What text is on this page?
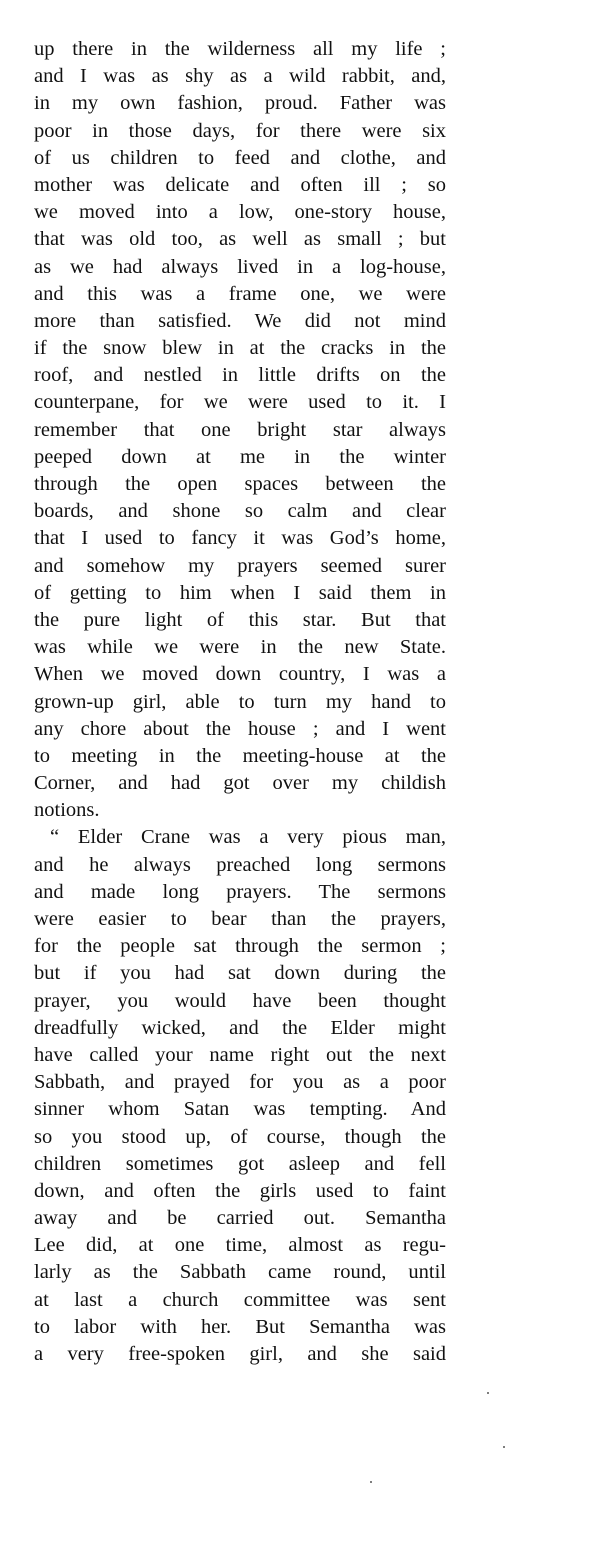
up there in the wilderness all my life ;
and I was as shy as a wild rabbit, and,
in my own fashion, proud. Father was
poor in those days, for there were six
of us children to feed and clothe, and
mother was delicate and often ill ; so
we moved into a low, one-story house,
that was old too, as well as small ; but
as we had always lived in a log-house,
and this was a frame one, we were
more than satisfied. We did not mind
if the snow blew in at the cracks in the
roof, and nestled in little drifts on the
counterpane, for we were used to it. I
remember that one bright star always
peeped down at me in the winter
through the open spaces between the
boards, and shone so calm and clear
that I used to fancy it was God’s home,
and somehow my prayers seemed surer
of getting to him when I said them in
the pure light of this star. But that
was while we were in the new State.
When we moved down country, I was a
grown-up girl, able to turn my hand to
any chore about the house ; and I went
to meeting in the meeting-house at the
Corner, and had got over my childish
notions.
“ Elder Crane was a very pious man,
and he always preached long sermons
and made long prayers. The sermons
were easier to bear than the prayers,
for the people sat through the sermon ;
but if you had sat down during the
prayer, you would have been thought
dreadfully wicked, and the Elder might
have called your name right out the next
Sabbath, and prayed for you as a poor
sinner whom Satan was tempting. And
so you stood up, of course, though the
children sometimes got asleep and fell
down, and often the girls used to faint
away and be carried out. Semantha
Lee did, at one time, almost as regu-
larly as the Sabbath came round, until
at last a church committee was sent
to labor with her. But Semantha was
a very free-spoken girl, and she said
